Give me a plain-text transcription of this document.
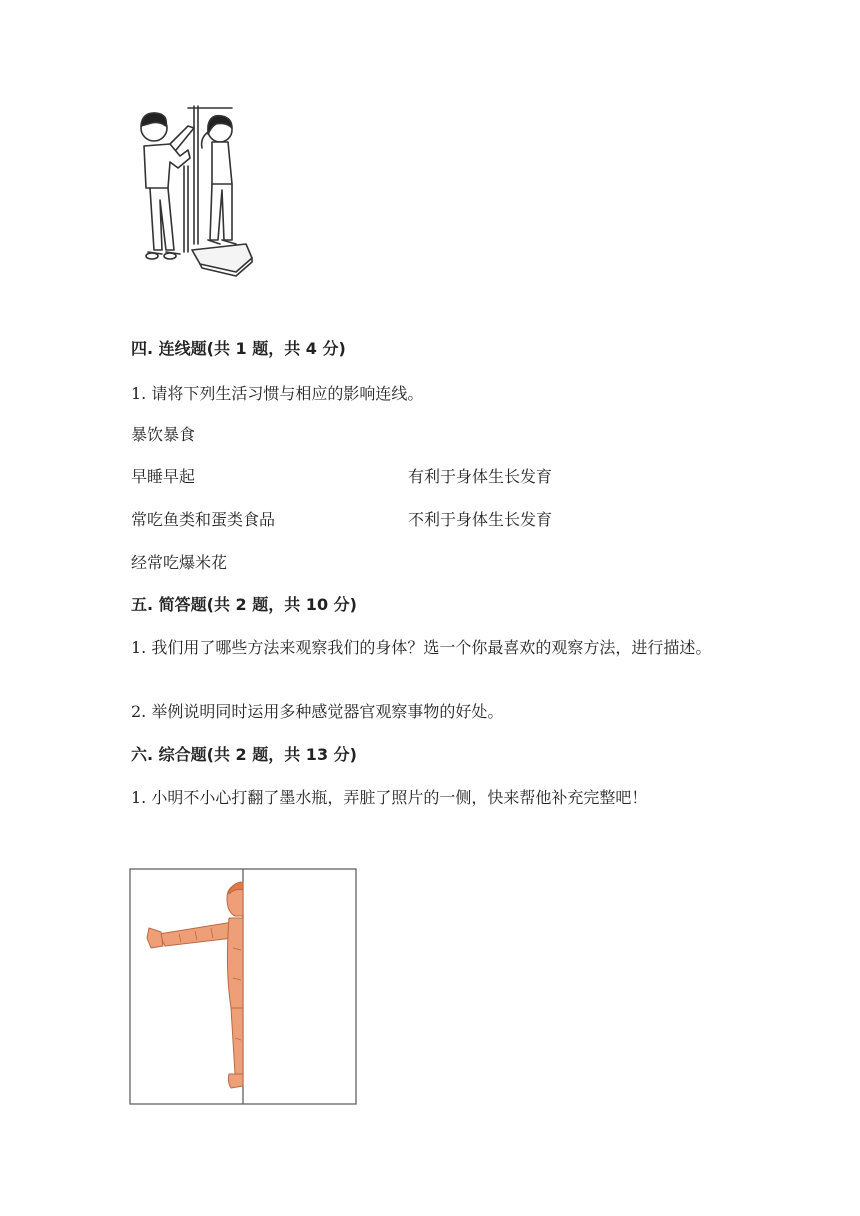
四. 连线题(共 1 题，共 4 分)
1. 请将下列生活习惯与相应的影响连线。
暴饮暴食
早睡早起
常吃鱼类和蛋类食品
经常吃爆米花
有利于身体生长发育
不利于身体生长发育
五. 简答题(共 2 题，共 10 分)
1. 我们用了哪些方法来观察我们的身体？选一个你最喜欢的观察方法，进行描述。
2. 举例说明同时运用多种感觉器官观察事物的好处。
六. 综合题(共 2 题，共 13 分)
1. 小明不小心打翻了墨水瓶，弄脏了照片的一侧，快来帮他补充完整吧！
